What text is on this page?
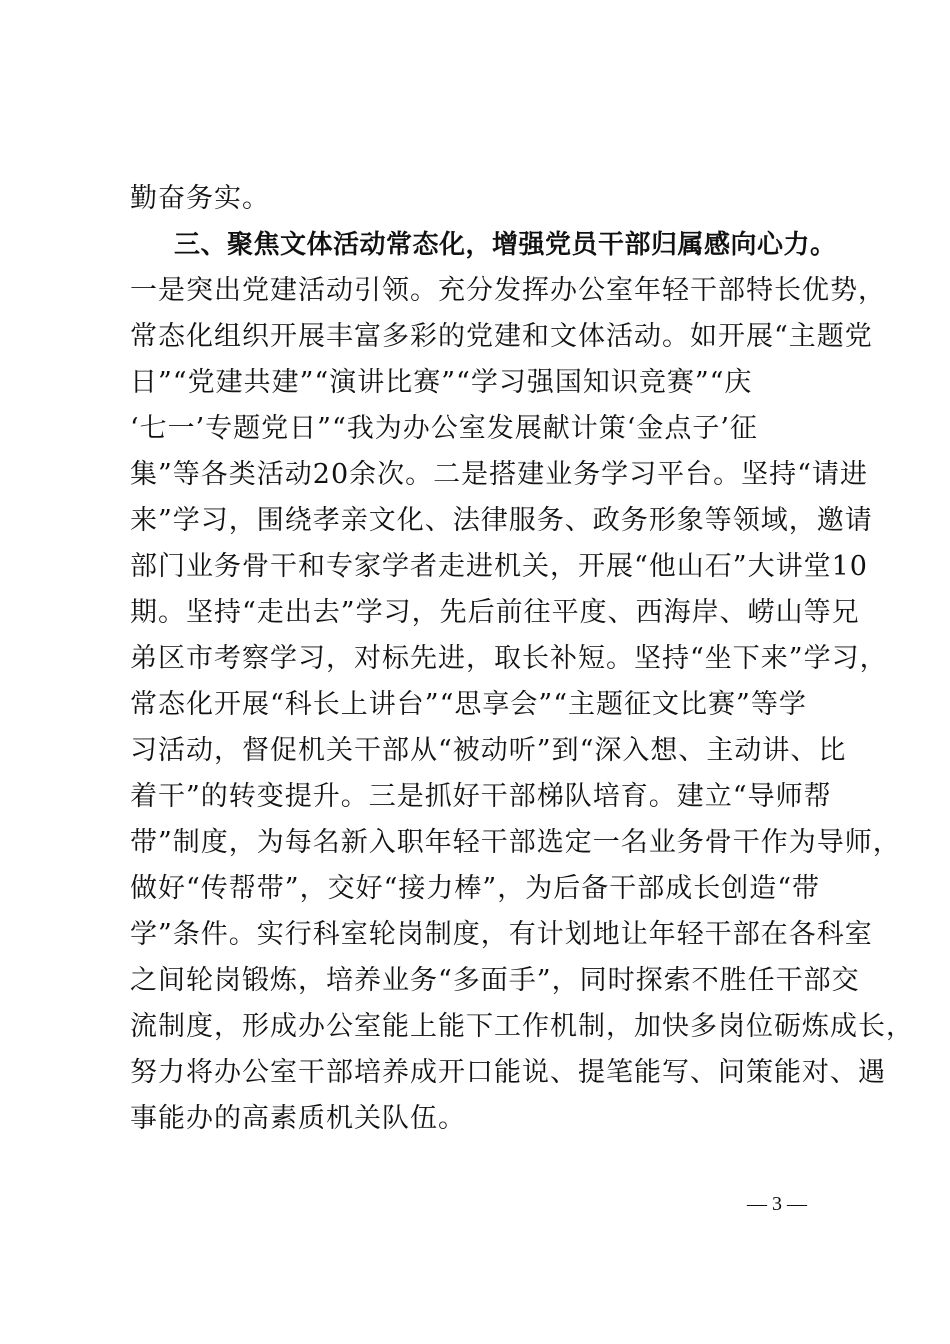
勤奋务实。
三、聚焦文体活动常态化，增强党员干部归属感向心力。
一是突出党建活动引领。充分发挥办公室年轻干部特长优势，
常态化组织开展丰富多彩的党建和文体活动。如开展“主题党
日”“党建共建”“演讲比赛”“学习强国知识竞赛”“庆
‘七一’专题党日”“我为办公室发展献计策‘金点子’征
集”等各类活动20余次。二是搭建业务学习平台。坚持“请进
来”学习，围绕孝亲文化、法律服务、政务形象等领域，邀请
部门业务骨干和专家学者走进机关，开展“他山石”大讲堂10
期。坚持“走出去”学习，先后前往平度、西海岸、崂山等兄
弟区市考察学习，对标先进，取长补短。坚持“坐下来”学习，
常态化开展“科长上讲台”“思享会”“主题征文比赛”等学
习活动，督促机关干部从“被动听”到“深入想、主动讲、比
着干”的转变提升。三是抓好干部梯队培育。建立“导师帮
带”制度，为每名新入职年轻干部选定一名业务骨干作为导师，
做好“传帮带”，交好“接力棒”，为后备干部成长创造“带
学”条件。实行科室轮岗制度，有计划地让年轻干部在各科室
之间轮岗锻炼，培养业务“多面手”，同时探索不胜任干部交
流制度，形成办公室能上能下工作机制，加快多岗位砺炼成长，
努力将办公室干部培养成开口能说、提笔能写、问策能对、遇
事能办的高素质机关队伍。
— 3 —
